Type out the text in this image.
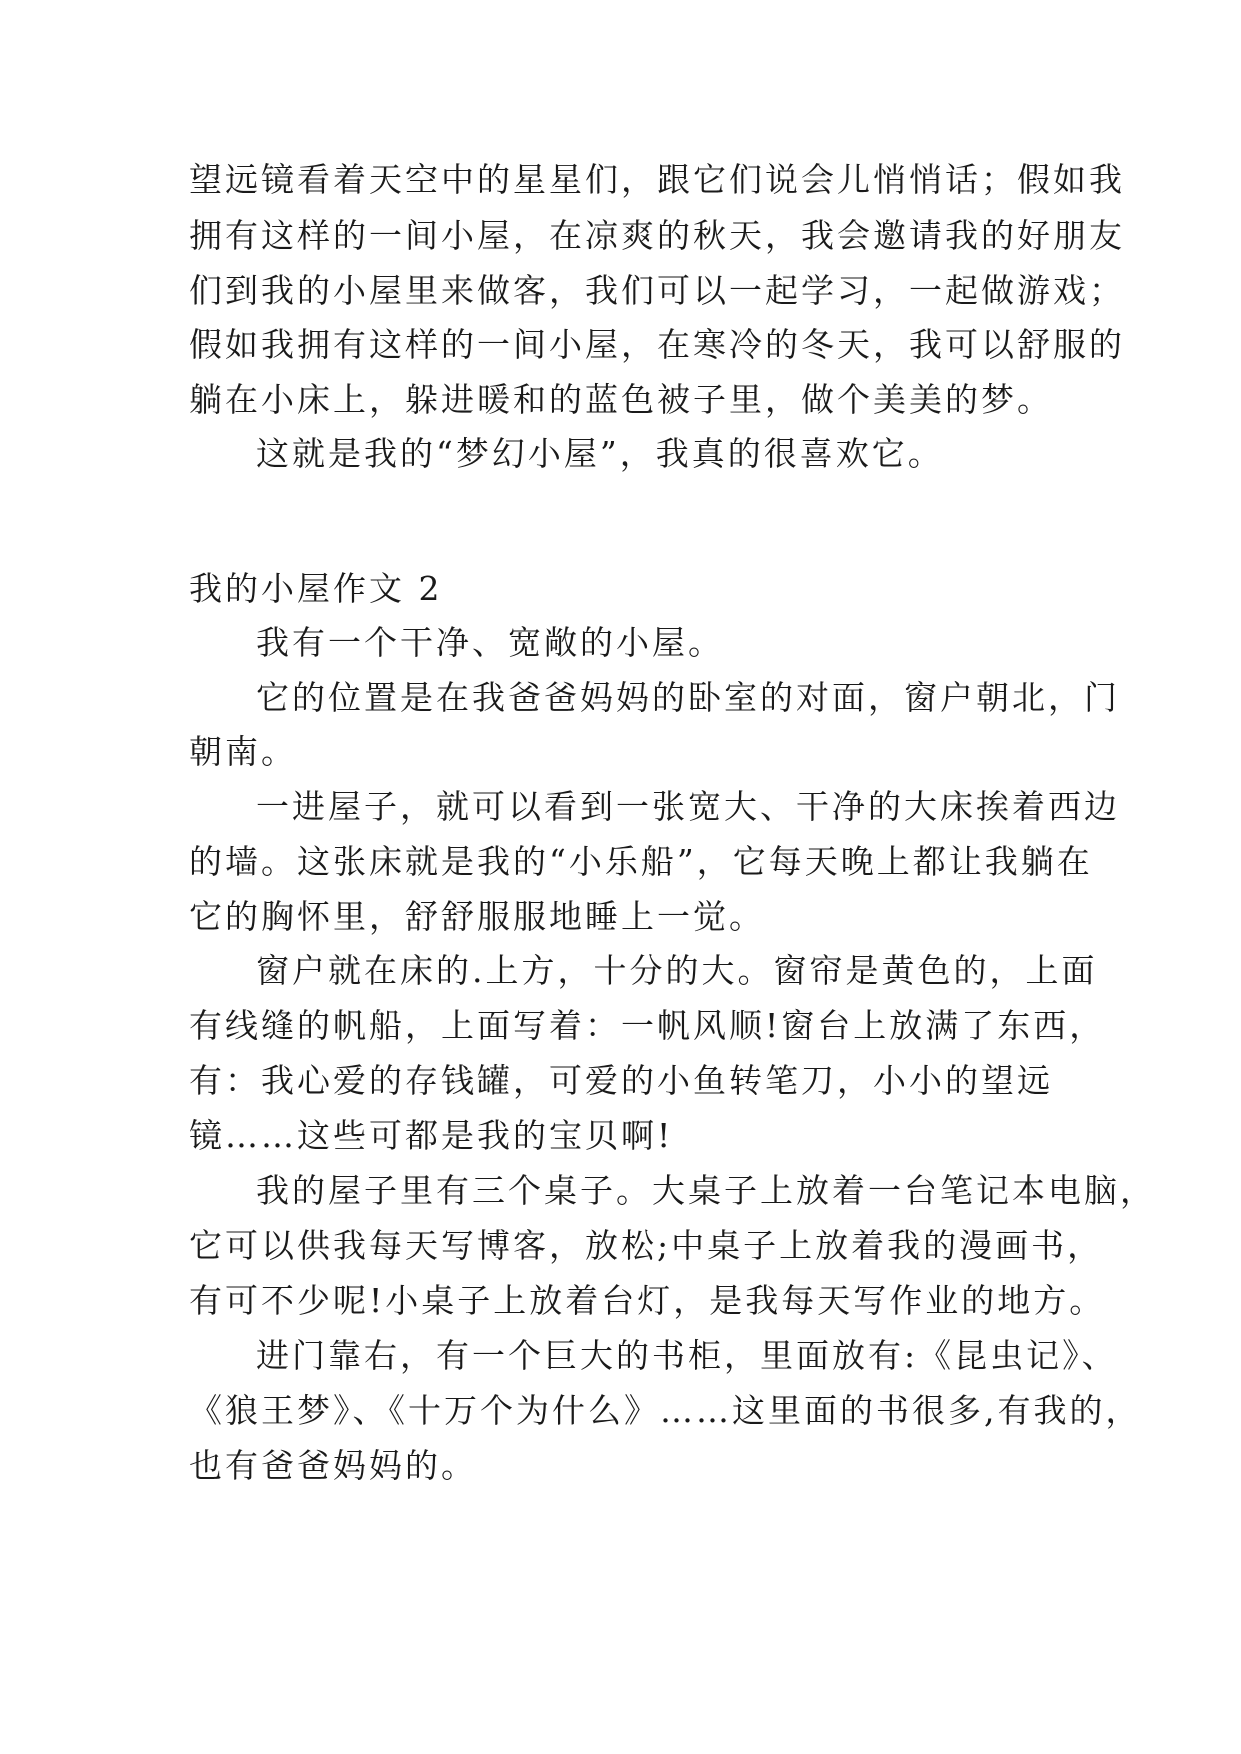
望远镜看着天空中的星星们，跟它们说会儿悄悄话；假如我
拥有这样的一间小屋，在凉爽的秋天，我会邀请我的好朋友
们到我的小屋里来做客，我们可以一起学习，一起做游戏；
假如我拥有这样的一间小屋，在寒冷的冬天，我可以舒服的
躺在小床上，躲进暖和的蓝色被子里，做个美美的梦。
这就是我的“梦幻小屋”，我真的很喜欢它。
我的小屋作文 2
我有一个干净、宽敞的小屋。
它的位置是在我爸爸妈妈的卧室的对面，窗户朝北，门
朝南。
一进屋子，就可以看到一张宽大、干净的大床挨着西边
的墙。这张床就是我的“小乐船”，它每天晚上都让我躺在
它的胸怀里，舒舒服服地睡上一觉。
窗户就在床的.上方，十分的大。窗帘是黄色的，上面
有线缝的帆船，上面写着：一帆风顺!窗台上放满了东西，
有：我心爱的存钱罐，可爱的小鱼转笔刀，小小的望远
镜……这些可都是我的宝贝啊!
我的屋子里有三个桌子。大桌子上放着一台笔记本电脑，
它可以供我每天写博客，放松;中桌子上放着我的漫画书，
有可不少呢!小桌子上放着台灯，是我每天写作业的地方。
进门靠右，有一个巨大的书柜，里面放有:《昆虫记》、
《狼王梦》、《十万个为什么》……这里面的书很多,有我的，
也有爸爸妈妈的。
